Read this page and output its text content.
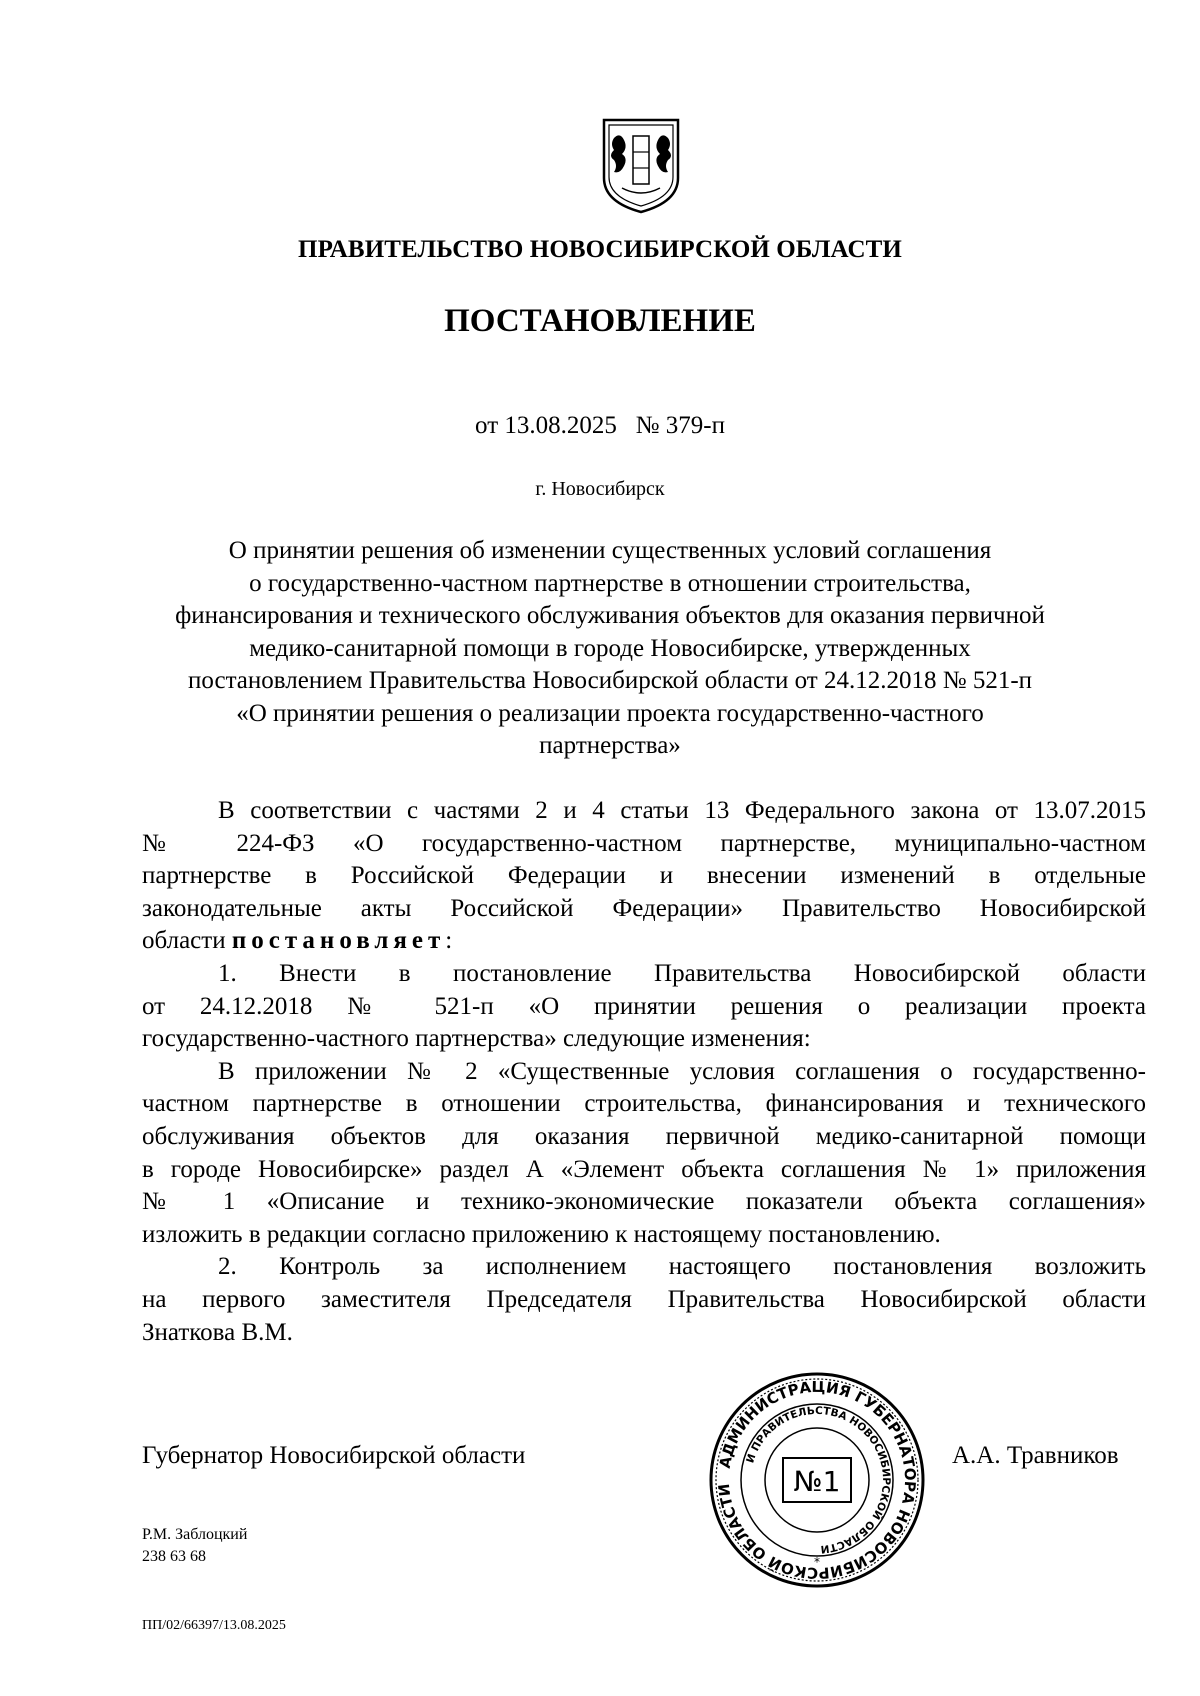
ПРАВИТЕЛЬСТВО НОВОСИБИРСКОЙ ОБЛАСТИ
ПОСТАНОВЛЕНИЕ
от 13.08.2025 № 379-п
г. Новосибирск
О принятии решения об изменении существенных условий соглашения
о государственно-частном партнерстве в отношении строительства,
финансирования и технического обслуживания объектов для оказания первичной
медико-санитарной помощи в городе Новосибирске, утвержденных
постановлением Правительства Новосибирской области от 24.12.2018 № 521-п
«О принятии решения о реализации проекта государственно-частного
партнерства»
В соответствии с частями 2 и 4 статьи 13 Федерального закона от 13.07.2015
№ 224-ФЗ «О государственно-частном партнерстве, муниципально-частном
партнерстве в Российской Федерации и внесении изменений в отдельные
законодательные акты Российской Федерации» Правительство Новосибирской
области постановляет:
1. Внести в постановление Правительства Новосибирской области
от 24.12.2018 № 521-п «О принятии решения о реализации проекта
государственно-частного партнерства» следующие изменения:
В приложении № 2 «Существенные условия соглашения о государственно-
частном партнерстве в отношении строительства, финансирования и технического
обслуживания объектов для оказания первичной медико-санитарной помощи
в городе Новосибирске» раздел А «Элемент объекта соглашения № 1» приложения
№ 1 «Описание и технико-экономические показатели объекта соглашения»
изложить в редакции согласно приложению к настоящему постановлению.
2. Контроль за исполнением настоящего постановления возложить
на первого заместителя Председателя Правительства Новосибирской области
Знаткова В.М.
Губернатор Новосибирской области	АДМИНИСТРАЦИЯ ГУБЕРНАТОРА НОВОСИБИРСКОЙ ОБЛАСТИ
И ПРАВИТЕЛЬСТВА НОВОСИБИРСКОЙ ОБЛАСТИ
№1
*
А.А. Травников
Р.М. Заблоцкий
238 63 68
ПП/02/66397/13.08.2025
